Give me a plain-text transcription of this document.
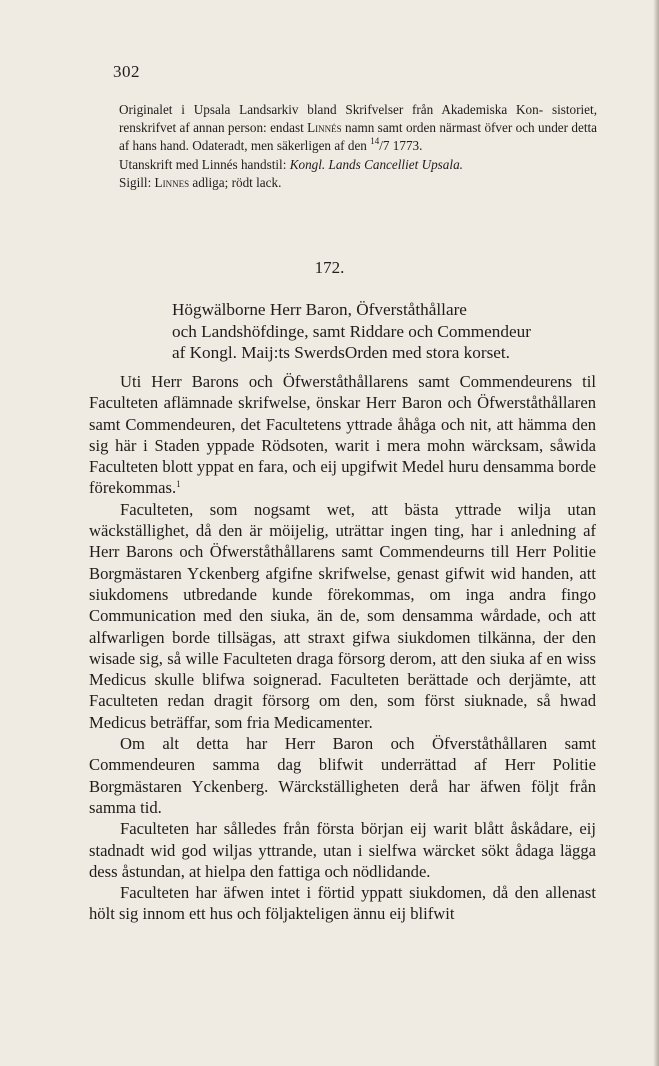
302

Originalet i Upsala Landsarkiv bland Skrifvelser från Akademiska Kon- sistoriet, renskrifvet af annan person: endast Linnés namn samt orden närmast öfver och under detta af hans hand. Odateradt, men säkerligen af den $^{14}$/7 1773.

Utanskrift med Linnés handstil: Kongl. Lands Cancelliet Upsala.

Sigill: Linnes adliga; rödt lack.

172.
Högwälborne Herr Baron, Öfverståthållare
och Landshöfdinge, samt Riddare och Commendeur
af Kongl. Maij:ts SwerdsOrden med stora korset.

Uti Herr Barons och Öfwerståthållarens samt Commendeurens til Faculteten aflämnade skrifwelse, önskar Herr Baron och Öfwerståthållaren samt Commendeuren, det Facultetens yttrade åhåga och nit, att hämma den sig här i Staden yppade Rödsoten, warit i mera mohn wärcksam, såwida Faculteten blott yppat en fara, och eij upgifwit Medel huru densamma borde förekommas.$^1$

Faculteten, som nogsamt wet, att bästa yttrade wilja utan wäckställighet, då den är möijelig, uträttar ingen ting, har i anledning af Herr Barons och Öfwerståthållarens samt Commendeurns till Herr Politie Borgmästaren Yckenberg afgifne skrifwelse, genast gifwit wid handen, att siukdomens utbredande kunde förekommas, om inga andra fingo Communication med den siuka, än de, som densamma wårdade, och att alfwarligen borde tillsägas, att straxt gifwa siukdomen tilkänna, der den wisade sig, så wille Faculteten draga försorg derom, att den siuka af en wiss Medicus skulle blifwa soignerad. Faculteten berättade och derjämte, att Faculteten redan dragit försorg om den, som först siuknade, så hwad Medicus beträffar, som fria Medicamenter.

Om alt detta har Herr Baron och Öfverståthållaren samt Commendeuren samma dag blifwit underrättad af Herr Politie Borgmästaren Yckenberg. Wärckställigheten derå har äfwen följt från samma tid.

Faculteten har sålledes från första början eij warit blått åskådare, eij stadnadt wid god wiljas yttrande, utan i sielfwa wärcket sökt ådaga lägga dess åstundan, at hielpa den fattiga och nödlidande.

Faculteten har äfwen intet i förtid yppatt siukdomen, då den allenast hölt sig innom ett hus och följakteligen ännu eij blifwit
